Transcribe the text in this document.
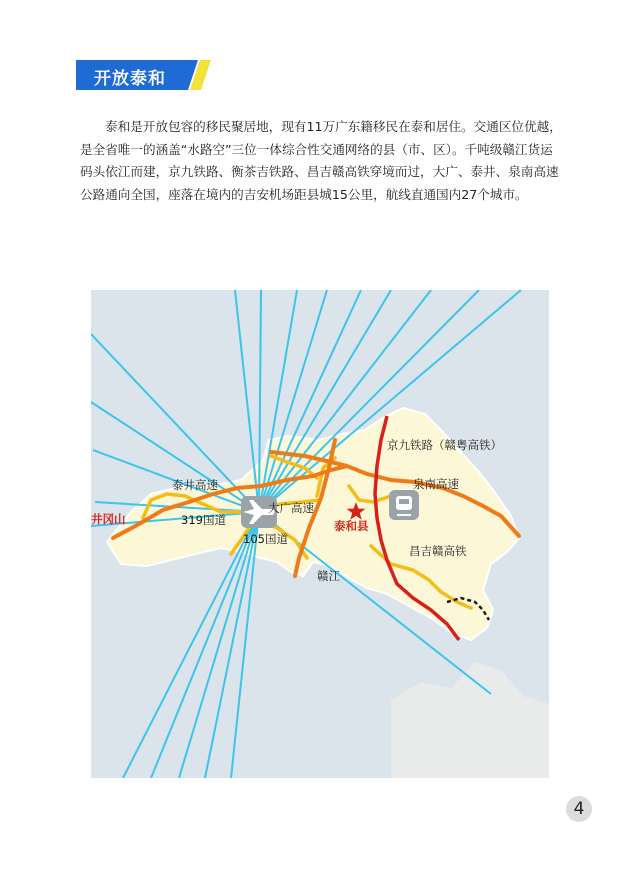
开放泰和

泰和是开放包容的移民聚居地，现有11万广东籍移民在泰和居住。交通区位优越，是全省唯一的涵盖“水路空”三位一体综合性交通网络的县（市、区）。千吨级赣江货运码头依江而建，京九铁路、衡茶吉铁路、昌吉赣高铁穿境而过，大广、泰井、泉南高速公路通向全国，座落在境内的吉安机场距县城15公里，航线直通国内27个城市。

京九铁路（赣粤高铁）
泉南高速
泰井高速
大广高速
319国道
105国道
井冈山	泰和县
昌吉赣高铁
赣江
4
